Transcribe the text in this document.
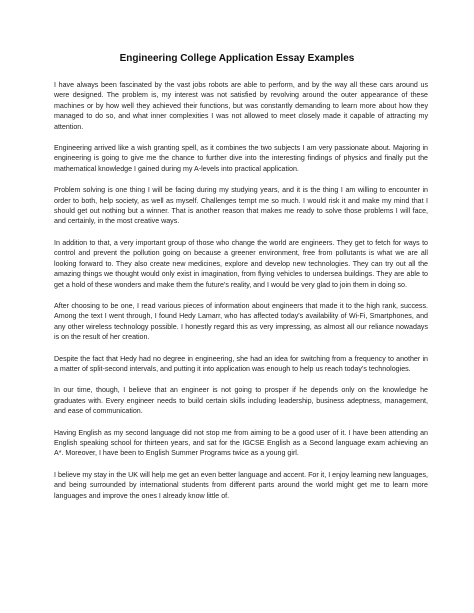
Engineering College Application Essay Examples

I have always been fascinated by the vast jobs robots are able to perform, and by the way all these cars around us were designed. The problem is, my interest was not satisfied by revolving around the outer appearance of these machines or by how well they achieved their functions, but was constantly demanding to learn more about how they managed to do so, and what inner complexities I was not allowed to meet closely made it capable of attracting my attention.

Engineering arrived like a wish granting spell, as it combines the two subjects I am very passionate about. Majoring in engineering is going to give me the chance to further dive into the interesting findings of physics and finally put the mathematical knowledge I gained during my A-levels into practical application.

Problem solving is one thing I will be facing during my studying years, and it is the thing I am willing to encounter in order to both, help society, as well as myself. Challenges tempt me so much. I would risk it and make my mind that I should get out nothing but a winner. That is another reason that makes me ready to solve those problems I will face, and certainly, in the most creative ways.

In addition to that, a very important group of those who change the world are engineers. They get to fetch for ways to control and prevent the pollution going on because a greener environment, free from pollutants is what we are all looking forward to. They also create new medicines, explore and develop new technologies. They can try out all the amazing things we thought would only exist in imagination, from flying vehicles to undersea buildings. They are able to get a hold of these wonders and make them the future's reality, and I would be very glad to join them in doing so.

After choosing to be one, I read various pieces of information about engineers that made it to the high rank, success. Among the text I went through, I found Hedy Lamarr, who has affected today's availability of Wi-Fi, Smartphones, and any other wireless technology possible. I honestly regard this as very impressing, as almost all our reliance nowadays is on the result of her creation.

Despite the fact that Hedy had no degree in engineering, she had an idea for switching from a frequency to another in a matter of split-second intervals, and putting it into application was enough to help us reach today's technologies.

In our time, though, I believe that an engineer is not going to prosper if he depends only on the knowledge he graduates with. Every engineer needs to build certain skills including leadership, business adeptness, management, and ease of communication.

Having English as my second language did not stop me from aiming to be a good user of it. I have been attending an English speaking school for thirteen years, and sat for the IGCSE English as a Second language exam achieving an A*. Moreover, I have been to English Summer Programs twice as a young girl.

I believe my stay in the UK will help me get an even better language and accent. For it, I enjoy learning new languages, and being surrounded by international students from different parts around the world might get me to learn more languages and improve the ones I already know little of.
